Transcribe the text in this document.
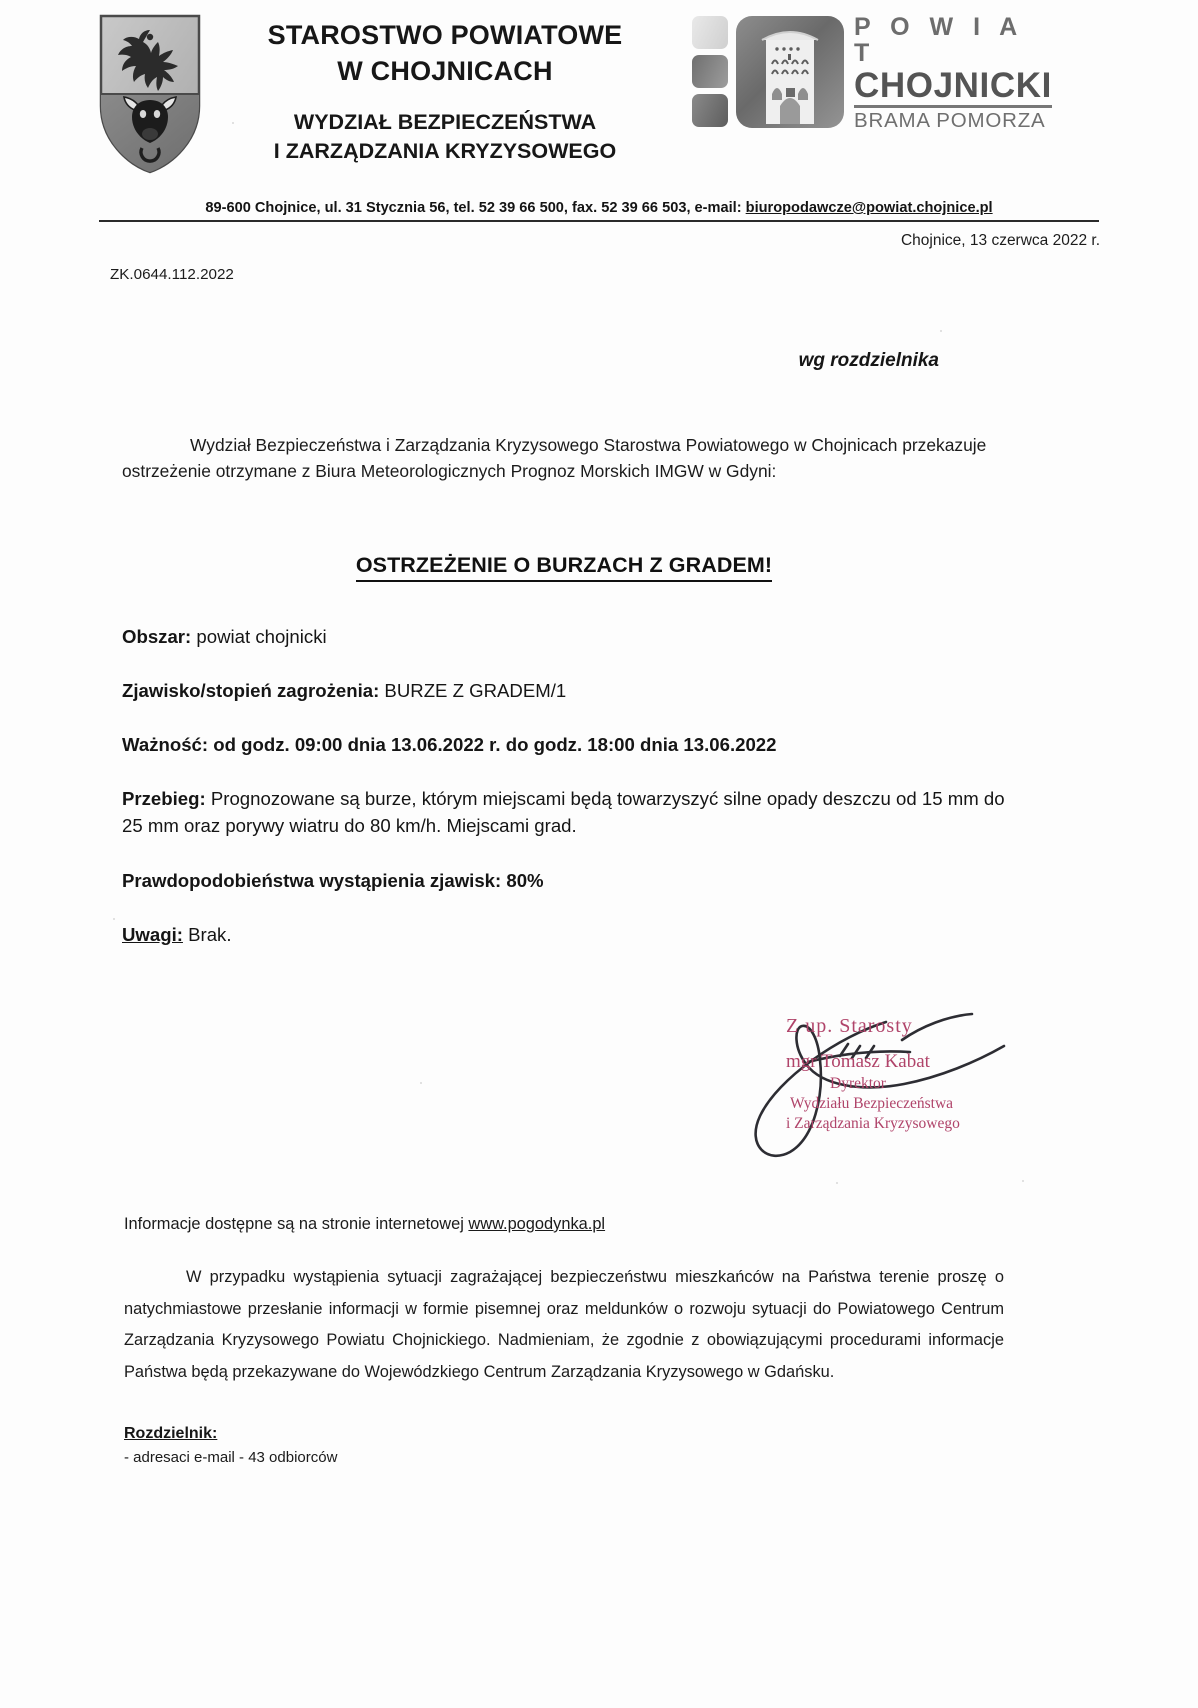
STAROSTWO POWIATOWE
W CHOJNICACH
WYDZIAŁ BEZPIECZEŃSTWA
I ZARZĄDZANIA KRYZYSOWEGO
P O W I A T
CHOJNICKI
BRAMA POMORZA
89-600 Chojnice, ul. 31 Stycznia 56, tel. 52 39 66 500, fax. 52 39 66 503, e-mail: biuropodawcze@powiat.chojnice.pl
Chojnice, 13 czerwca 2022 r.
ZK.0644.112.2022
wg rozdzielnika
Wydział Bezpieczeństwa i Zarządzania Kryzysowego Starostwa Powiatowego w Chojnicach przekazuje ostrzeżenie otrzymane z Biura Meteorologicznych Prognoz Morskich IMGW w Gdyni:
OSTRZEŻENIE O BURZACH Z GRADEM!
Obszar: powiat chojnicki
Zjawisko/stopień zagrożenia: BURZE Z GRADEM/1
Ważność: od godz. 09:00 dnia 13.06.2022 r. do godz. 18:00 dnia 13.06.2022
Przebieg: Prognozowane są burze, którym miejscami będą towarzyszyć silne opady deszczu od 15 mm do 25 mm oraz porywy wiatru do 80 km/h. Miejscami grad.
Prawdopodobieństwa wystąpienia zjawisk: 80%
Uwagi: Brak.
Z up. Starosty
mgr Tomasz Kabat
Dyrektor
Wydziału Bezpieczeństwa
i Zarządzania Kryzysowego
Informacje dostępne są na stronie internetowej www.pogodynka.pl
W przypadku wystąpienia sytuacji zagrażającej bezpieczeństwu mieszkańców na Państwa terenie proszę o natychmiastowe przesłanie informacji w formie pisemnej oraz meldunków o rozwoju sytuacji do Powiatowego Centrum Zarządzania Kryzysowego Powiatu Chojnickiego. Nadmieniam, że zgodnie z obowiązującymi procedurami informacje Państwa będą przekazywane do Wojewódzkiego Centrum Zarządzania Kryzysowego w Gdańsku.
Rozdzielnik:
- adresaci e-mail - 43 odbiorców
